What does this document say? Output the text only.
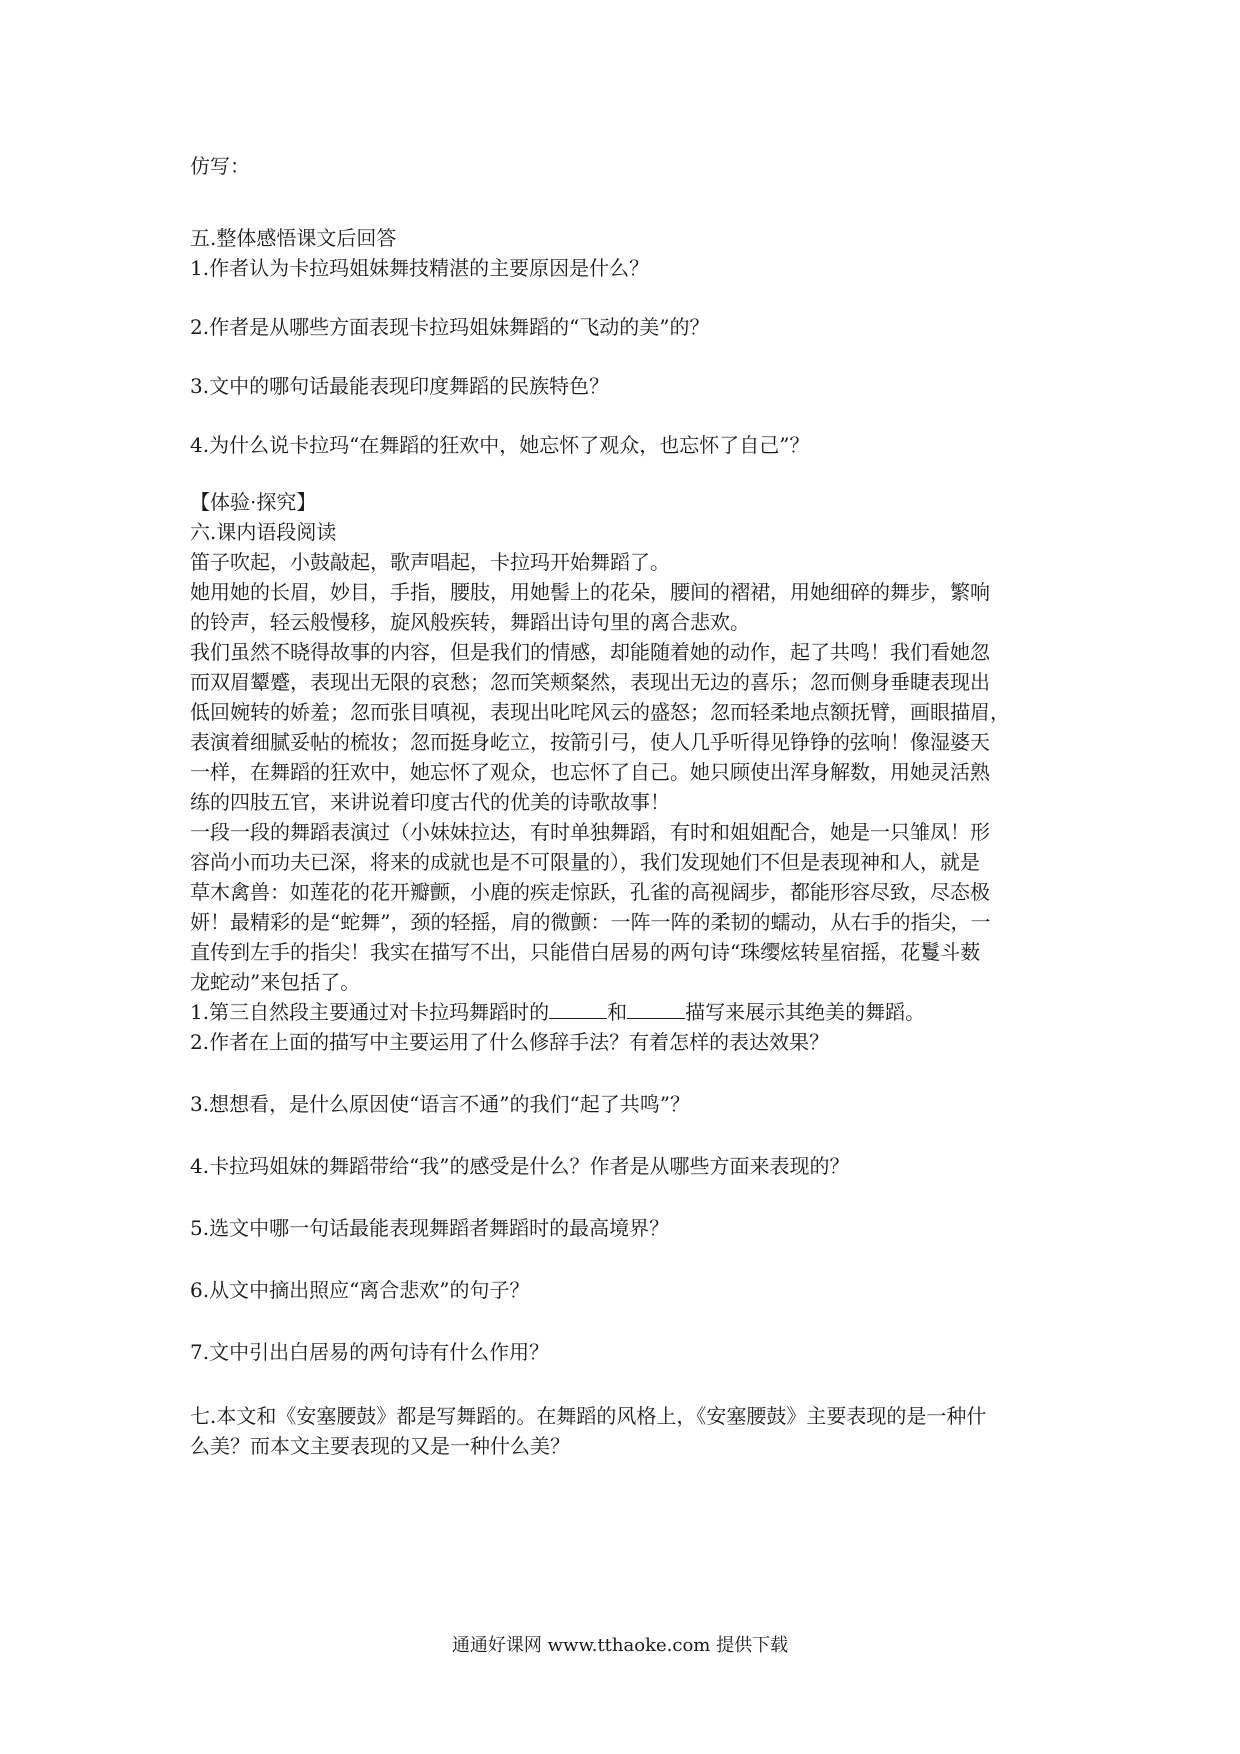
仿写：
五.整体感悟课文后回答
1.作者认为卡拉玛姐妹舞技精湛的主要原因是什么？
2.作者是从哪些方面表现卡拉玛姐妹舞蹈的“飞动的美”的？
3.文中的哪句话最能表现印度舞蹈的民族特色？
4.为什么说卡拉玛“在舞蹈的狂欢中，她忘怀了观众，也忘怀了自己”？
【体验·探究】
六.课内语段阅读
笛子吹起，小鼓敲起，歌声唱起，卡拉玛开始舞蹈了。
她用她的长眉，妙目，手指，腰肢，用她髻上的花朵，腰间的褶裙，用她细碎的舞步，繁响
的铃声，轻云般慢移，旋风般疾转，舞蹈出诗句里的离合悲欢。
我们虽然不晓得故事的内容，但是我们的情感，却能随着她的动作，起了共鸣！我们看她忽
而双眉颦蹙，表现出无限的哀愁；忽而笑颊粲然，表现出无边的喜乐；忽而侧身垂睫表现出
低回婉转的娇羞；忽而张目嗔视，表现出叱咤风云的盛怒；忽而轻柔地点额抚臂，画眼描眉，
表演着细腻妥帖的梳妆；忽而挺身屹立，按箭引弓，使人几乎听得见铮铮的弦响！像湿婆天
一样，在舞蹈的狂欢中，她忘怀了观众，也忘怀了自己。她只顾使出浑身解数，用她灵活熟
练的四肢五官，来讲说着印度古代的优美的诗歌故事！
一段一段的舞蹈表演过（小妹妹拉达，有时单独舞蹈，有时和姐姐配合，她是一只雏凤！形
容尚小而功夫已深，将来的成就也是不可限量的），我们发现她们不但是表现神和人，就是
草木禽兽：如莲花的花开瓣颤，小鹿的疾走惊跃，孔雀的高视阔步，都能形容尽致，尽态极
妍！最精彩的是“蛇舞”，颈的轻摇，肩的微颤：一阵一阵的柔韧的蠕动，从右手的指尖，一
直传到左手的指尖！我实在描写不出，只能借白居易的两句诗“珠缨炫转星宿摇，花鬘斗薮
龙蛇动”来包括了。
1.第三自然段主要通过对卡拉玛舞蹈时的	和	描写来展示其绝美的舞蹈。
2.作者在上面的描写中主要运用了什么修辞手法？有着怎样的表达效果？
3.想想看，是什么原因使“语言不通”的我们“起了共鸣”？
4.卡拉玛姐妹的舞蹈带给“我”的感受是什么？作者是从哪些方面来表现的？
5.选文中哪一句话最能表现舞蹈者舞蹈时的最高境界？
6.从文中摘出照应“离合悲欢”的句子？
7.文中引出白居易的两句诗有什么作用？
七.本文和《安塞腰鼓》都是写舞蹈的。在舞蹈的风格上，《安塞腰鼓》主要表现的是一种什
么美？而本文主要表现的又是一种什么美？
通通好课网 www.tthaoke.com 提供下载
